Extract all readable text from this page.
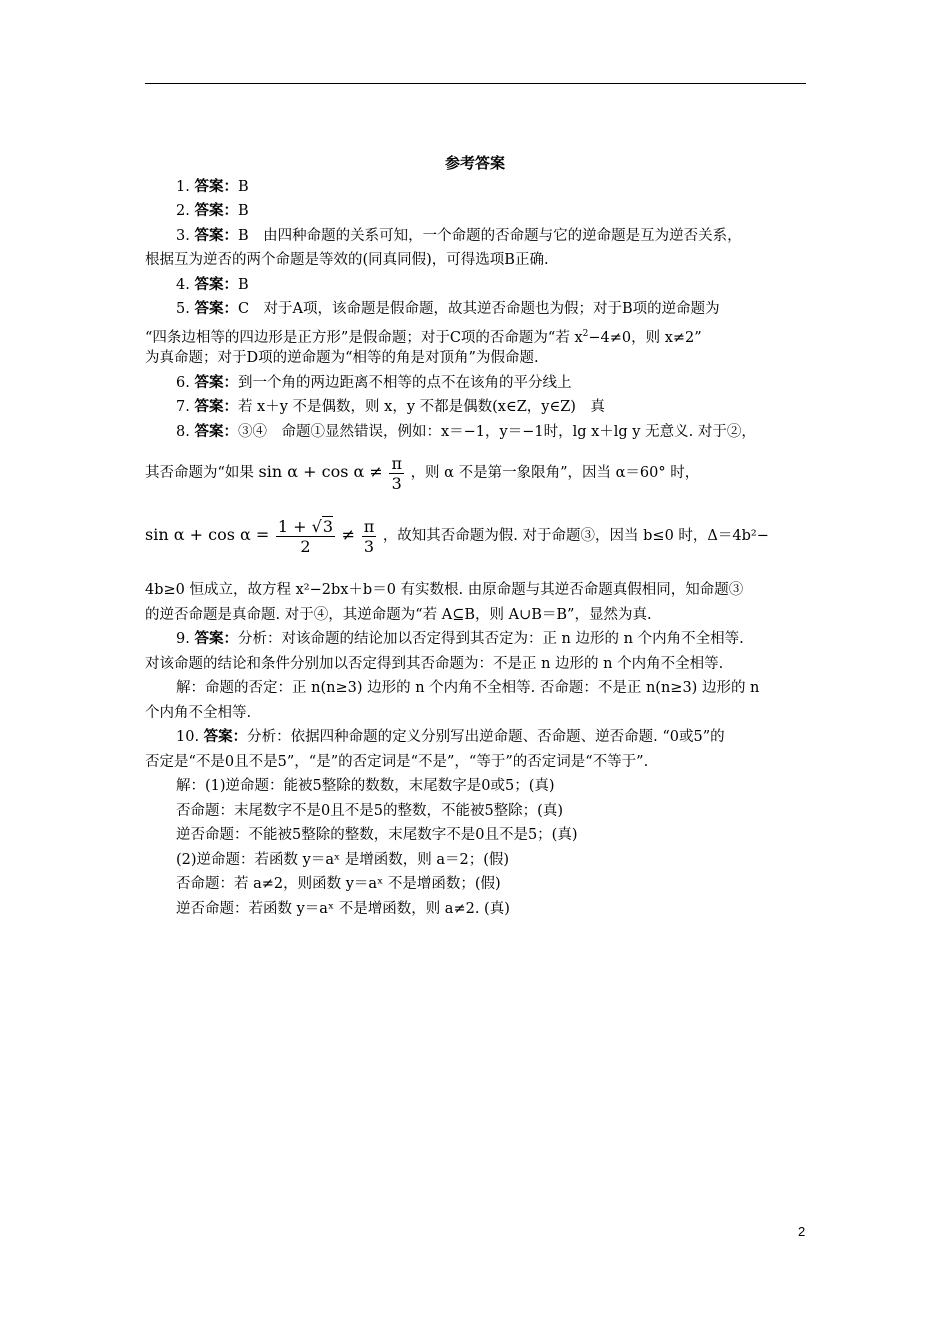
参考答案
1. 答案：B
2. 答案：B
3. 答案：B　由四种命题的关系可知，一个命题的否命题与它的逆命题是互为逆否关系，
根据互为逆否的两个命题是等效的(同真同假)，可得选项B正确.
4. 答案：B
5. 答案：C　对于A项，该命题是假命题，故其逆否命题也为假；对于B项的逆命题为
“四条边相等的四边形是正方形”是假命题；对于C项的否命题为“若 $x^2-4\ne 0$，则 x≠2”
为真命题；对于D项的逆命题为“相等的角是对顶角”为假命题.
6. 答案：到一个角的两边距离不相等的点不在该角的平分线上
7. 答案：若 x＋y 不是偶数，则 x，y 不都是偶数(x∈Z，y∈Z)　真
8. 答案：③④　命题①显然错误，例如：x＝−1，y＝−1时，lg x＋lg y 无意义. 对于②，
其否命题为“如果 $\sin \alpha + \cos \alpha \ne \frac{\pi}{3}$ ，则 α 不是第一象限角”，因当 α＝60° 时，
$\sin \alpha + \cos \alpha = \frac{1 + √3}{2} \ne \frac{\pi}{3}$ ，故知其否命题为假. 对于命题③，因当 b≤0 时，Δ＝4b²−
4b≥0 恒成立，故方程 x²−2bx＋b＝0 有实数根. 由原命题与其逆否命题真假相同，知命题③
的逆否命题是真命题. 对于④，其逆命题为“若 A⊆B，则 A∪B＝B”，显然为真.
9. 答案：分析：对该命题的结论加以否定得到其否定为：正 n 边形的 n 个内角不全相等.
对该命题的结论和条件分别加以否定得到其否命题为：不是正 n 边形的 n 个内角不全相等.
解：命题的否定：正 n(n≥3) 边形的 n 个内角不全相等. 否命题：不是正 n(n≥3) 边形的 n
个内角不全相等.
10. 答案：分析：依据四种命题的定义分别写出逆命题、否命题、逆否命题. “0或5”的
否定是“不是0且不是5”，“是”的否定词是“不是”，“等于”的否定词是“不等于”.
解：(1)逆命题：能被5整除的数数，末尾数字是0或5；(真)
否命题：末尾数字不是0且不是5的整数，不能被5整除；(真)
逆否命题：不能被5整除的整数，末尾数字不是0且不是5；(真)
(2)逆命题：若函数 y＝aˣ 是增函数，则 a＝2；(假)
否命题：若 a≠2，则函数 y＝aˣ 不是增函数；(假)
逆否命题：若函数 y＝aˣ 不是增函数，则 a≠2. (真)
2
